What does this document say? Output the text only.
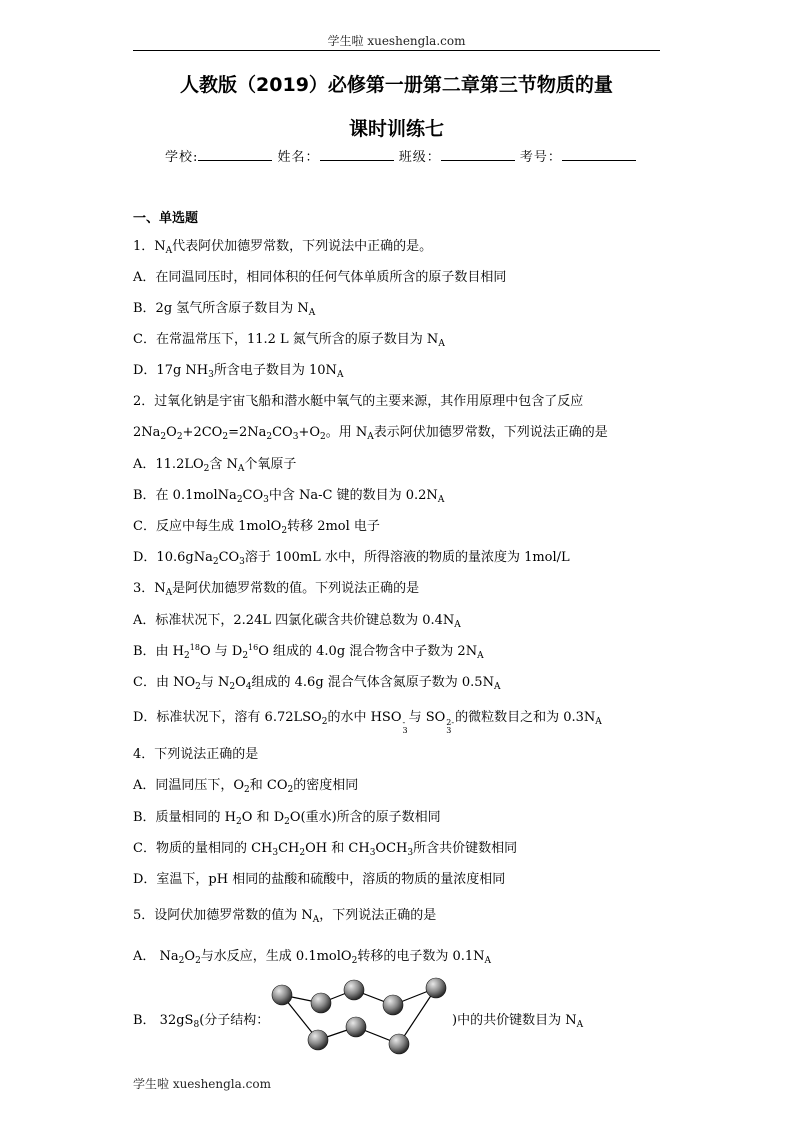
学生啦 xueshengla.com
人教版（2019）必修第一册第二章第三节物质的量
课时训练七
学校:	姓名：	班级：	考号：
一、单选题
1．$N_A$代表阿伏加德罗常数，下列说法中正确的是。
A．在同温同压时，相同体积的任何气体单质所含的原子数目相同
B．2g 氢气所含原子数目为 $N_A$
C．在常温常压下，11.2 L 氮气所含的原子数目为 $N_A$
D．17g $NH_3$所含电子数目为 $10N_A$
2．过氧化钠是宇宙飞船和潜水艇中氧气的主要来源，其作用原理中包含了反应
$2Na_2O_2+2CO_2=2Na_2CO_3+O_2$。用 $N_A$表示阿伏加德罗常数，下列说法正确的是
A．$11.2LO_2$含 $N_A$个氧原子
B．在 $0.1molNa_2CO_3$中含 Na-C 键的数目为 $0.2N_A$
C．反应中每生成 1molO$_2$转移 2mol 电子
D．$10.6gNa_2CO_3$溶于 100mL 水中，所得溶液的物质的量浓度为 1mol/L
3．$N_A$是阿伏加德罗常数的值。下列说法正确的是
A．标准状况下，2.24L 四氯化碳含共价键总数为 $0.4N_A$
B．由 $H_2^{18}O$ 与 $D_2^{16}O$ 组成的 4.0g 混合物含中子数为 $2N_A$
C．由 $NO_2$与 $N_2O_4$组成的 4.6g 混合气体含氮原子数为 $0.5N_A$
D．标准状况下，溶有 $6.72LSO_2$的水中 HSO -
3
与 SO 2-
3
的微粒数目之和为 $0.3N_A$
4．下列说法正确的是
A．同温同压下，$O_2$和 $CO_2$的密度相同
B．质量相同的 $H_2O$ 和 $D_2O$(重水)所含的原子数相同
C．物质的量相同的 $CH_3CH_2OH$ 和 $CH_3OCH_3$所含共价键数相同
D．室温下，pH 相同的盐酸和硫酸中，溶质的物质的量浓度相同
5．设阿伏加德罗常数的值为 $N_A$，下列说法正确的是
A． $Na_2O_2$与水反应，生成 0.1molO$_2$转移的电子数为 $0.1N_A$
B． $32gS_8$(分子结构：	)中的共价键数目为 $N_A$
学生啦 xueshengla.com
